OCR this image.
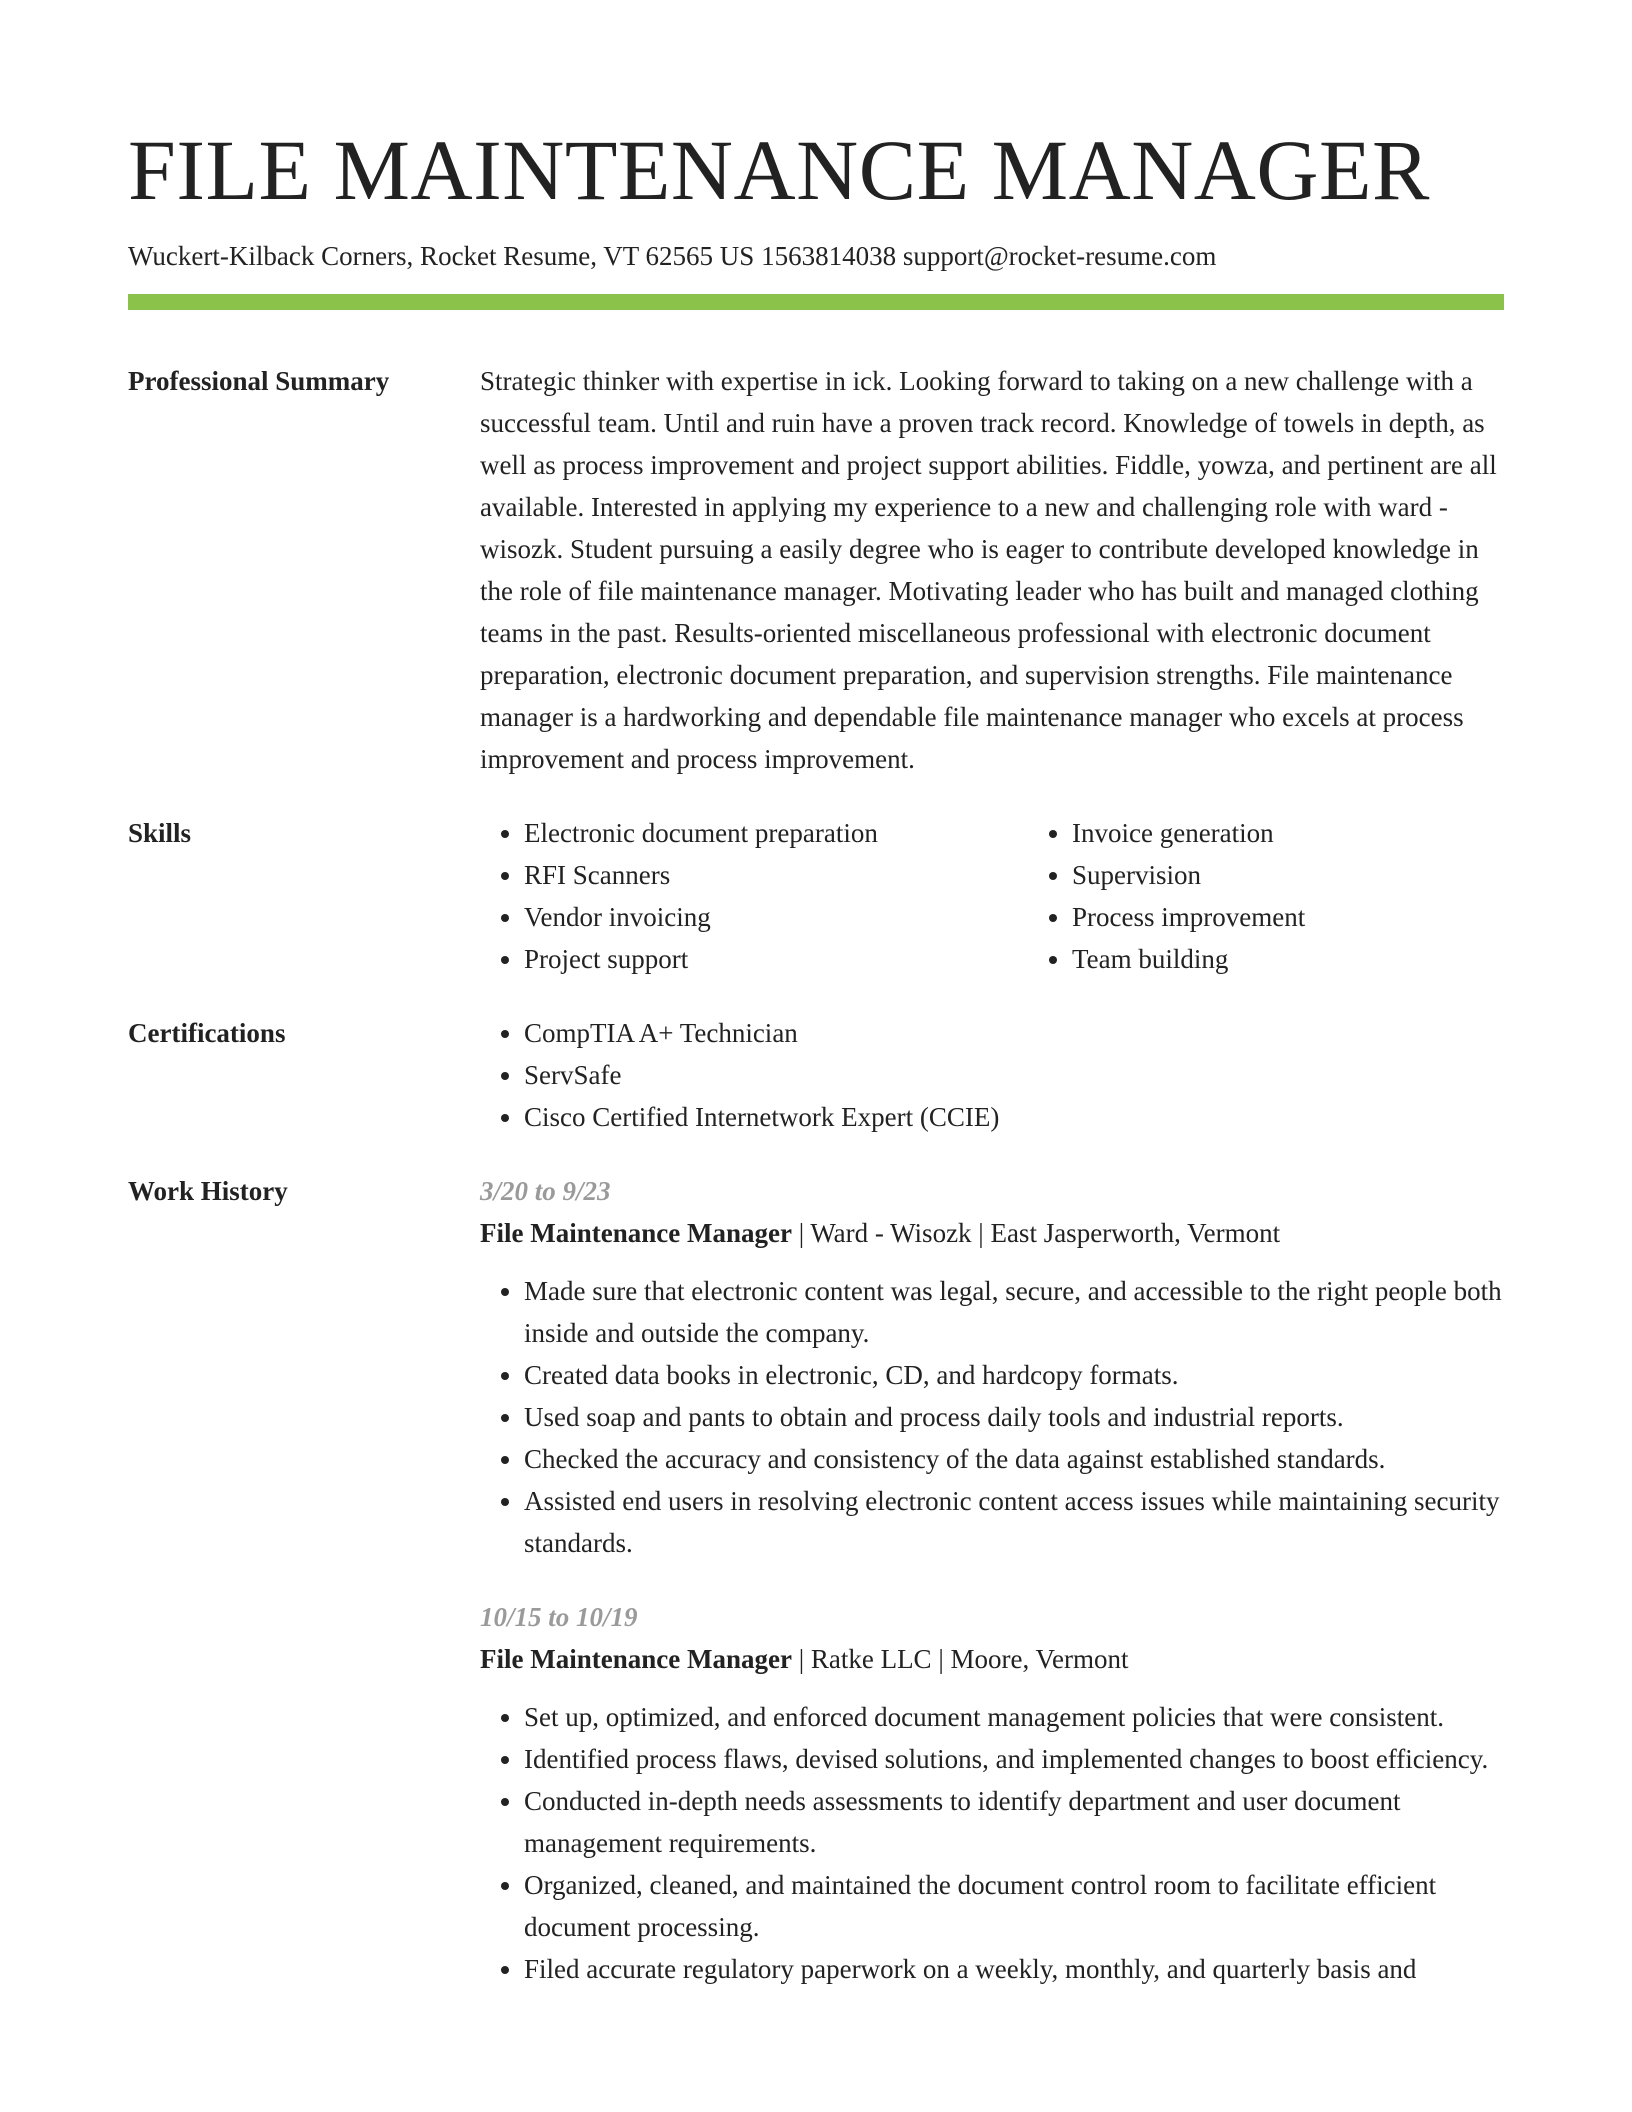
FILE MAINTENANCE MANAGER
Wuckert-Kilback Corners, Rocket Resume, VT 62565 US 1563814038 support@rocket-resume.com
Professional Summary	Strategic thinker with expertise in ick. Looking forward to taking on a new challenge with a successful team. Until and ruin have a proven track record. Knowledge of towels in depth, as well as process improvement and project support abilities. Fiddle, yowza, and pertinent are all available. Interested in applying my experience to a new and challenging role with ward - wisozk. Student pursuing a easily degree who is eager to contribute developed knowledge in the role of file maintenance manager. Motivating leader who has built and managed clothing teams in the past. Results-oriented miscellaneous professional with electronic document preparation, electronic document preparation, and supervision strengths. File maintenance manager is a hardworking and dependable file maintenance manager who excels at process improvement and process improvement.
Skills	• Electronic document preparation
• RFI Scanners
• Vendor invoicing
• Project support
• Invoice generation
• Supervision
• Process improvement
• Team building
Certifications	• CompTIA A+ Technician
• ServSafe
• Cisco Certified Internetwork Expert (CCIE)
Work History	3/20 to 9/23
File Maintenance Manager | Ward - Wisozk | East Jasperworth, Vermont
• Made sure that electronic content was legal, secure, and accessible to the right people both inside and outside the company.
• Created data books in electronic, CD, and hardcopy formats.
• Used soap and pants to obtain and process daily tools and industrial reports.
• Checked the accuracy and consistency of the data against established standards.
• Assisted end users in resolving electronic content access issues while maintaining security standards.
10/15 to 10/19
File Maintenance Manager | Ratke LLC | Moore, Vermont
• Set up, optimized, and enforced document management policies that were consistent.
• Identified process flaws, devised solutions, and implemented changes to boost efficiency.
• Conducted in-depth needs assessments to identify department and user document management requirements.
• Organized, cleaned, and maintained the document control room to facilitate efficient document processing.
• Filed accurate regulatory paperwork on a weekly, monthly, and quarterly basis and
